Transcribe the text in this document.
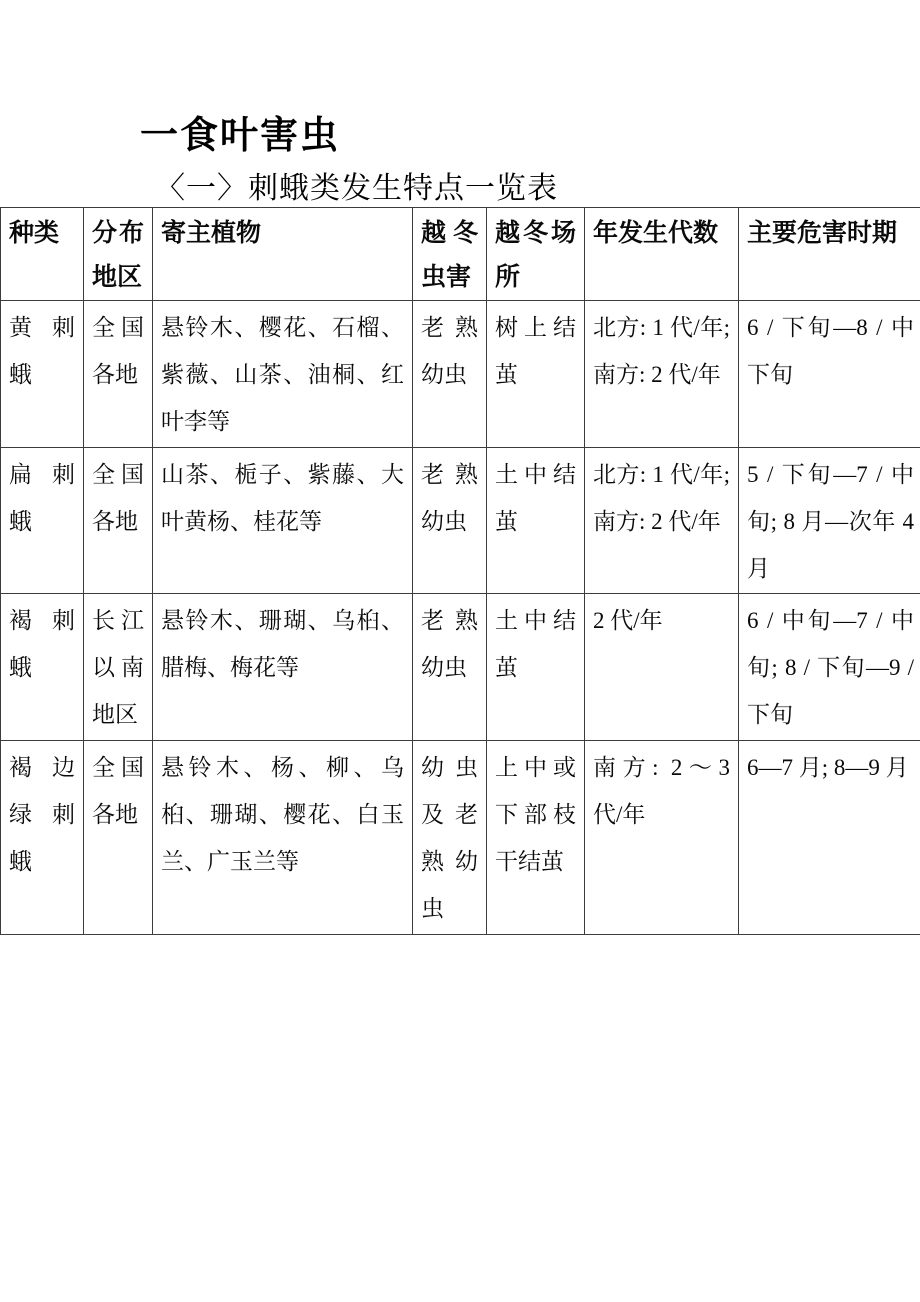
一食叶害虫
〈一〉刺蛾类发生特点一览表
种类	分布地区	寄主植物	越冬虫害	越冬场所	年发生代数	主要危害时期
黄刺蛾	全国各地	悬铃木、樱花、石榴、紫薇、山茶、油桐、红叶李等	老熟幼虫	树上结茧	北方: 1 代/年; 南方: 2 代/年	6 / 下旬—8 / 中下旬
扁刺蛾	全国各地	山茶、栀子、紫藤、大叶黄杨、桂花等	老熟幼虫	土中结茧	北方: 1 代/年; 南方: 2 代/年	5 / 下旬—7 / 中旬; 8 月—次年 4 月
褐刺蛾	长江以南地区	悬铃木、珊瑚、乌桕、腊梅、梅花等	老熟幼虫	土中结茧	2 代/年	6 / 中旬—7 / 中旬; 8 / 下旬—9 / 下旬
褐边绿刺蛾	全国各地	悬铃木、杨、柳、乌桕、珊瑚、樱花、白玉兰、广玉兰等	幼虫及老熟幼虫	上中或下部枝干结茧	南方: 2～3 代/年	6—7 月; 8—9 月
